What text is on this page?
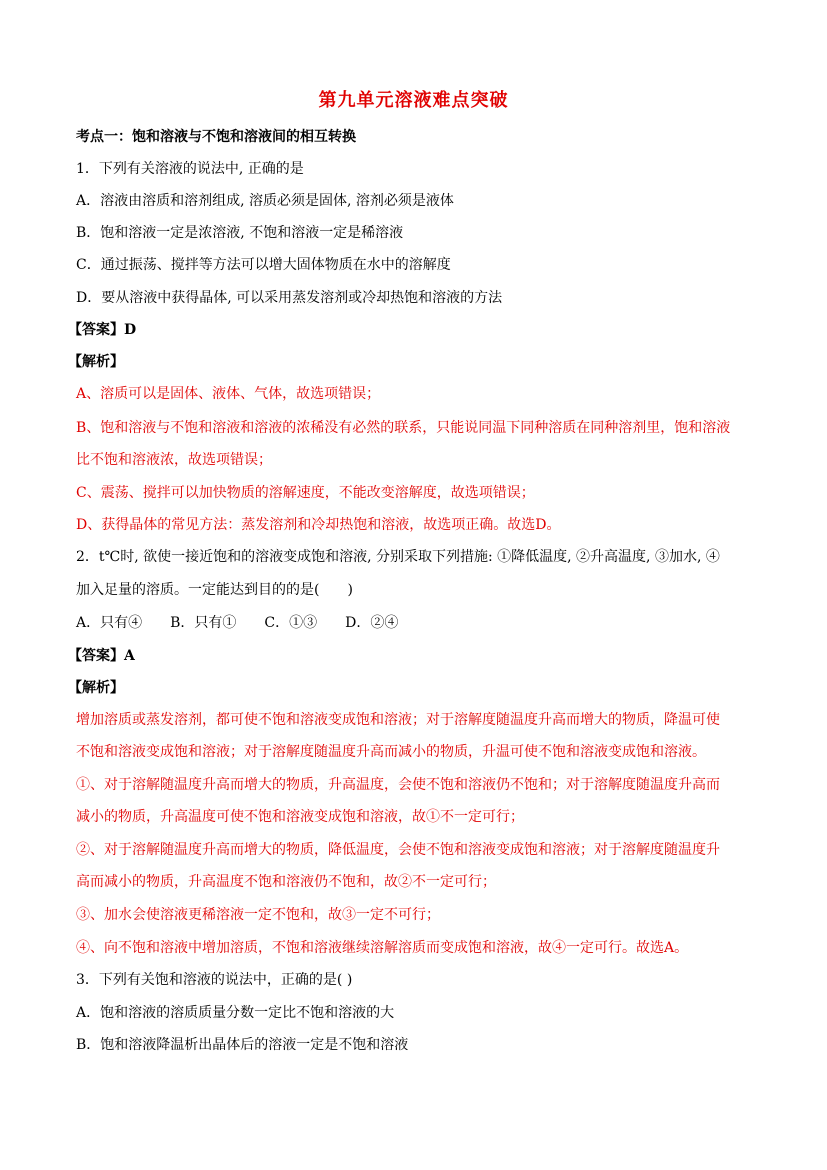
第九单元溶液难点突破
考点一：饱和溶液与不饱和溶液间的相互转换
1．下列有关溶液的说法中, 正确的是
A．溶液由溶质和溶剂组成, 溶质必须是固体, 溶剂必须是液体
B．饱和溶液一定是浓溶液, 不饱和溶液一定是稀溶液
C．通过振荡、搅拌等方法可以增大固体物质在水中的溶解度
D．要从溶液中获得晶体, 可以采用蒸发溶剂或冷却热饱和溶液的方法
【答案】D
【解析】
A、溶质可以是固体、液体、气体，故选项错误；
B、饱和溶液与不饱和溶液和溶液的浓稀没有必然的联系，只能说同温下同种溶质在同种溶剂里，饱和溶液
比不饱和溶液浓，故选项错误；
C、震荡、搅拌可以加快物质的溶解速度，不能改变溶解度，故选项错误；
D、获得晶体的常见方法：蒸发溶剂和冷却热饱和溶液，故选项正确。故选D。
2．t℃时, 欲使一接近饱和的溶液变成饱和溶液, 分别采取下列措施: ①降低温度, ②升高温度, ③加水, ④
加入足量的溶质。一定能达到目的的是(　　)
A．只有④　　B．只有①　　C．①③　　D．②④
【答案】A
【解析】
增加溶质或蒸发溶剂，都可使不饱和溶液变成饱和溶液；对于溶解度随温度升高而增大的物质，降温可使
不饱和溶液变成饱和溶液；对于溶解度随温度升高而减小的物质，升温可使不饱和溶液变成饱和溶液。
①、对于溶解随温度升高而增大的物质，升高温度，会使不饱和溶液仍不饱和；对于溶解度随温度升高而
减小的物质，升高温度可使不饱和溶液变成饱和溶液，故①不一定可行；
②、对于溶解随温度升高而增大的物质，降低温度，会使不饱和溶液变成饱和溶液；对于溶解度随温度升
高而减小的物质，升高温度不饱和溶液仍不饱和，故②不一定可行；
③、加水会使溶液更稀溶液一定不饱和，故③一定不可行；
④、向不饱和溶液中增加溶质，不饱和溶液继续溶解溶质而变成饱和溶液，故④一定可行。故选A。
3．下列有关饱和溶液的说法中，正确的是( )
A．饱和溶液的溶质质量分数一定比不饱和溶液的大
B．饱和溶液降温析出晶体后的溶液一定是不饱和溶液
